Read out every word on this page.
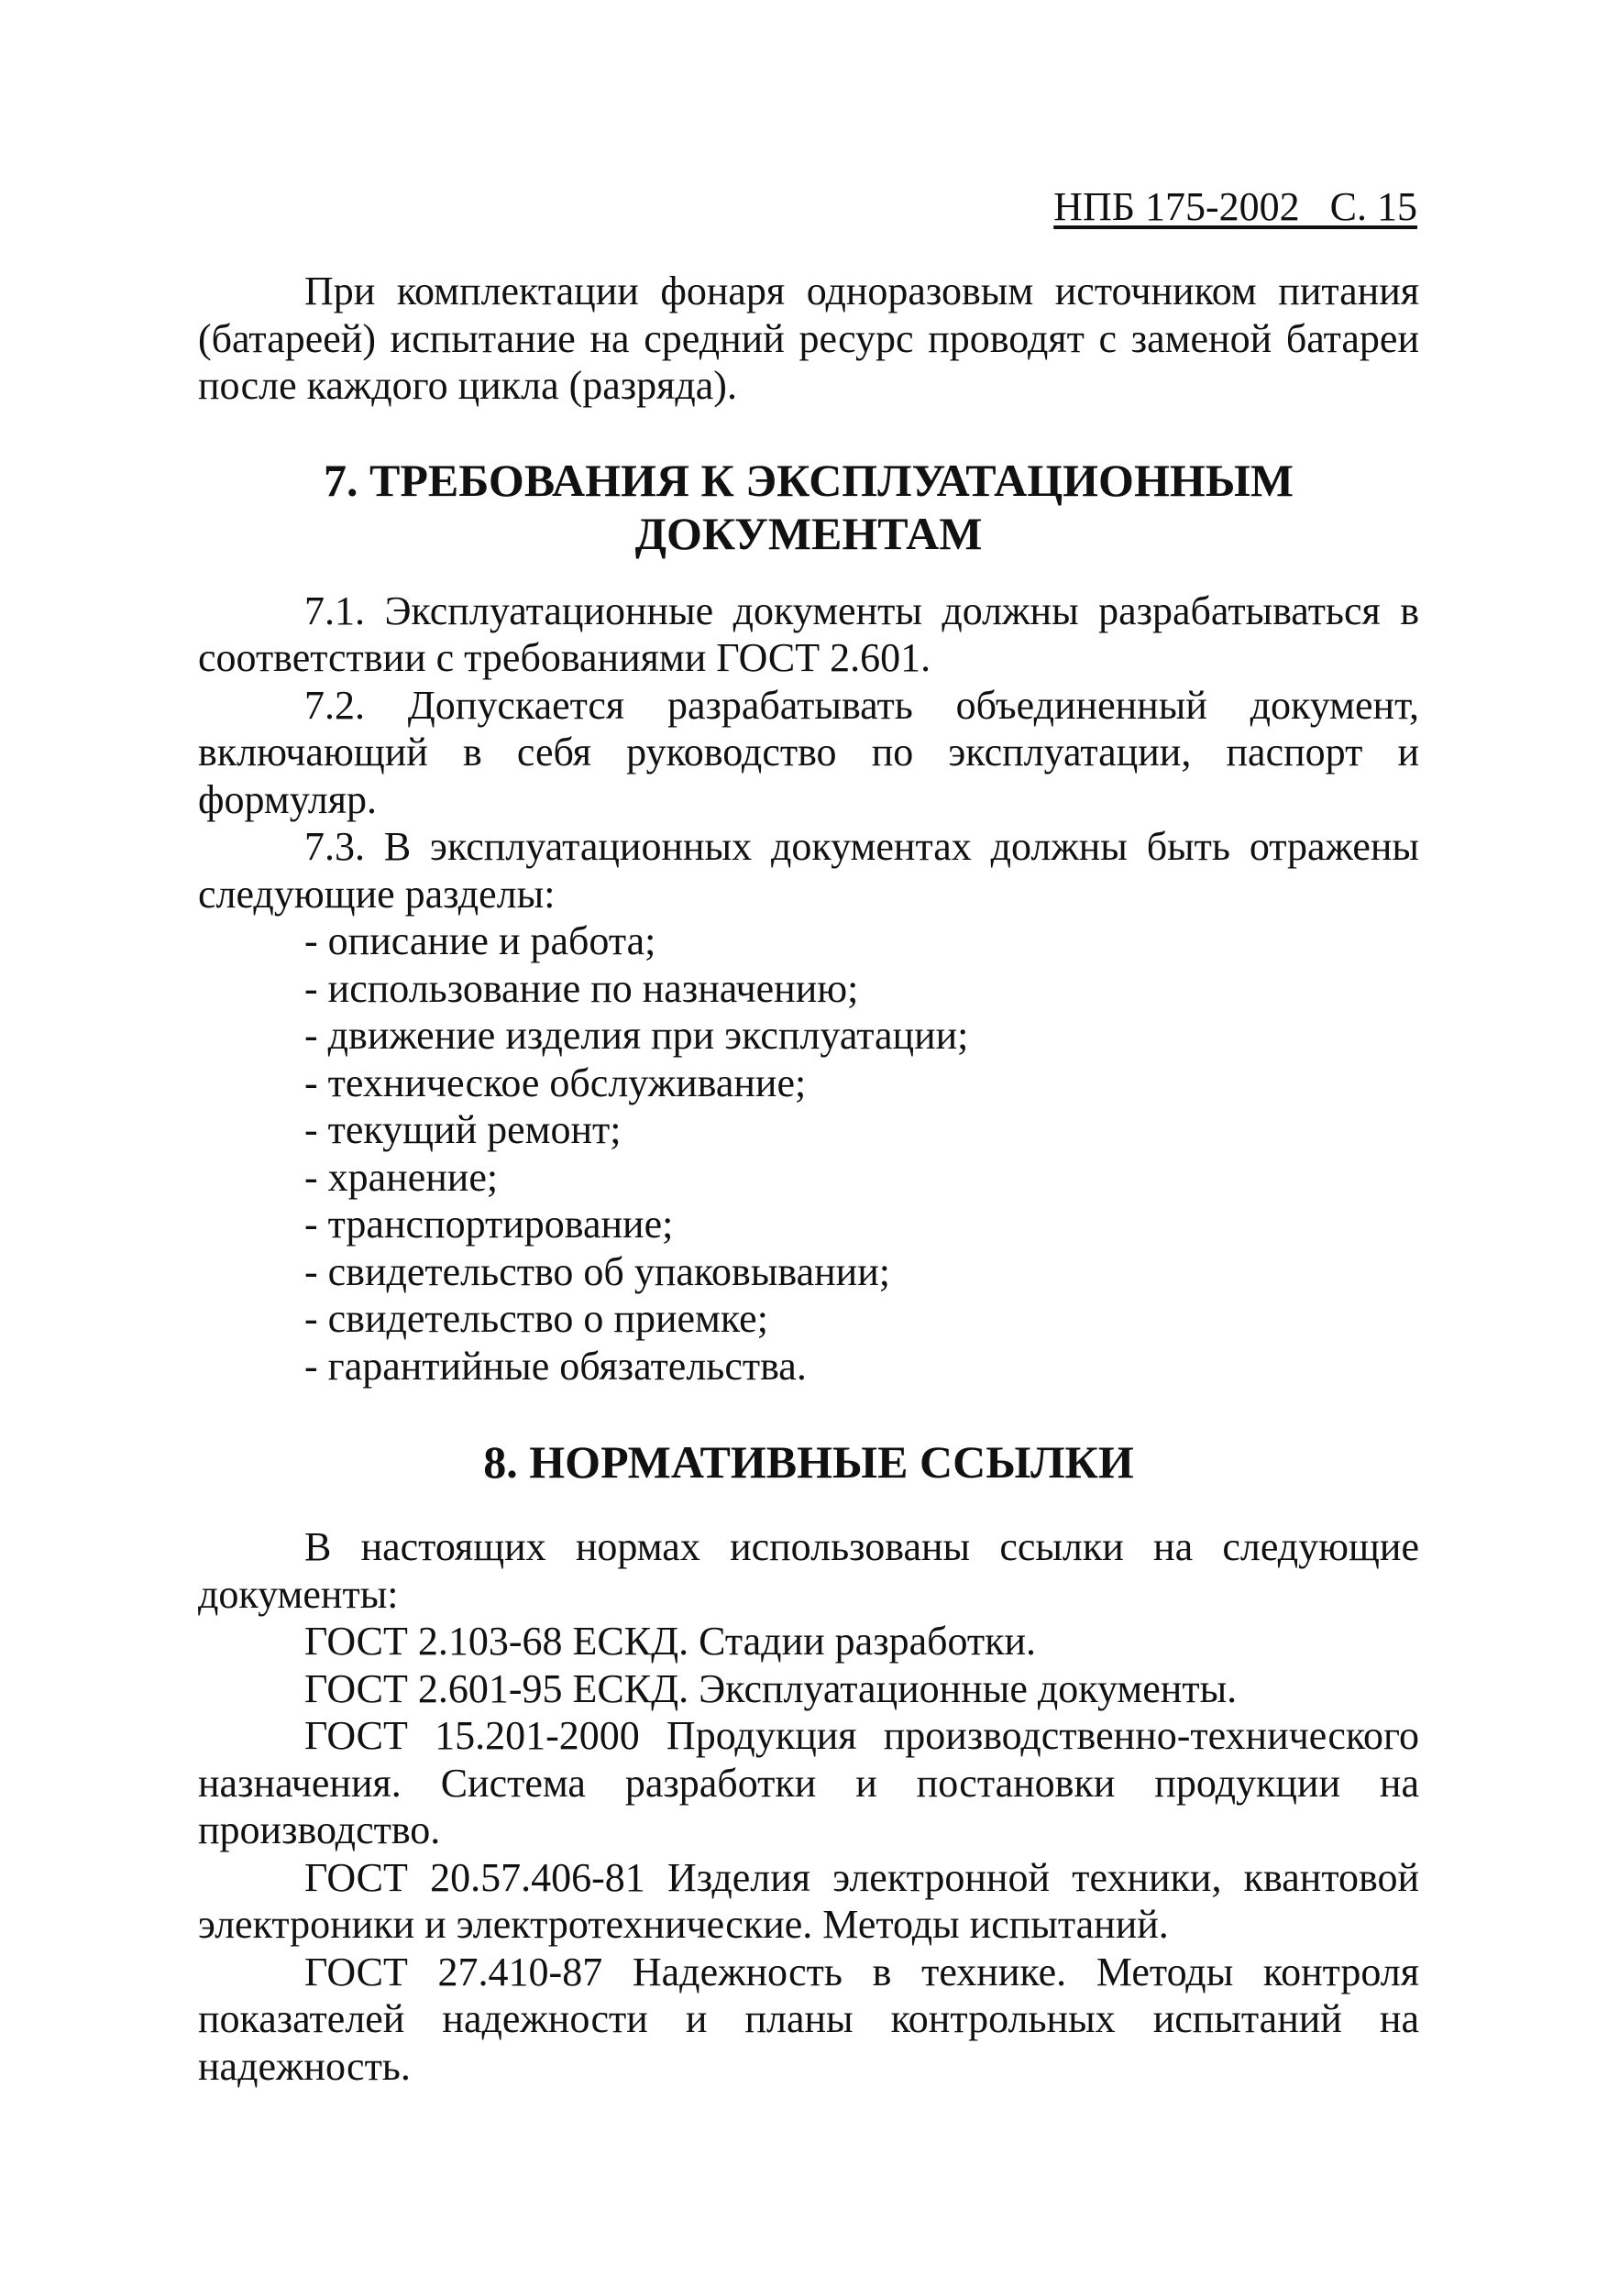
НПБ 175-2002   С. 15

При комплектации фонаря одноразовым источником питания (батареей) испытание на средний ресурс проводят с заменой батареи после каждого цикла (разряда).

7. ТРЕБОВАНИЯ К ЭКСПЛУАТАЦИОННЫМ
ДОКУМЕНТАМ

7.1. Эксплуатационные документы должны разрабатываться в соответствии с требованиями ГОСТ 2.601.

7.2. Допускается разрабатывать объединенный документ, включающий в себя руководство по эксплуатации, паспорт и формуляр.

7.3. В эксплуатационных документах должны быть отражены следующие разделы:

- описание и работа;
- использование по назначению;
- движение изделия при эксплуатации;
- техническое обслуживание;
- текущий ремонт;
- хранение;
- транспортирование;
- свидетельство об упаковывании;
- свидетельство о приемке;
- гарантийные обязательства.
8. НОРМАТИВНЫЕ ССЫЛКИ

В настоящих нормах использованы ссылки на следующие документы:

ГОСТ 2.103-68 ЕСКД. Стадии разработки.

ГОСТ 2.601-95 ЕСКД. Эксплуатационные документы.

ГОСТ 15.201-2000 Продукция производственно-технического назначения. Система разработки и постановки продукции на производство.

ГОСТ 20.57.406-81 Изделия электронной техники, квантовой электроники и электротехнические. Методы испытаний.

ГОСТ 27.410-87 Надежность в технике. Методы контроля показателей надежности и планы контрольных испытаний на надежность.
